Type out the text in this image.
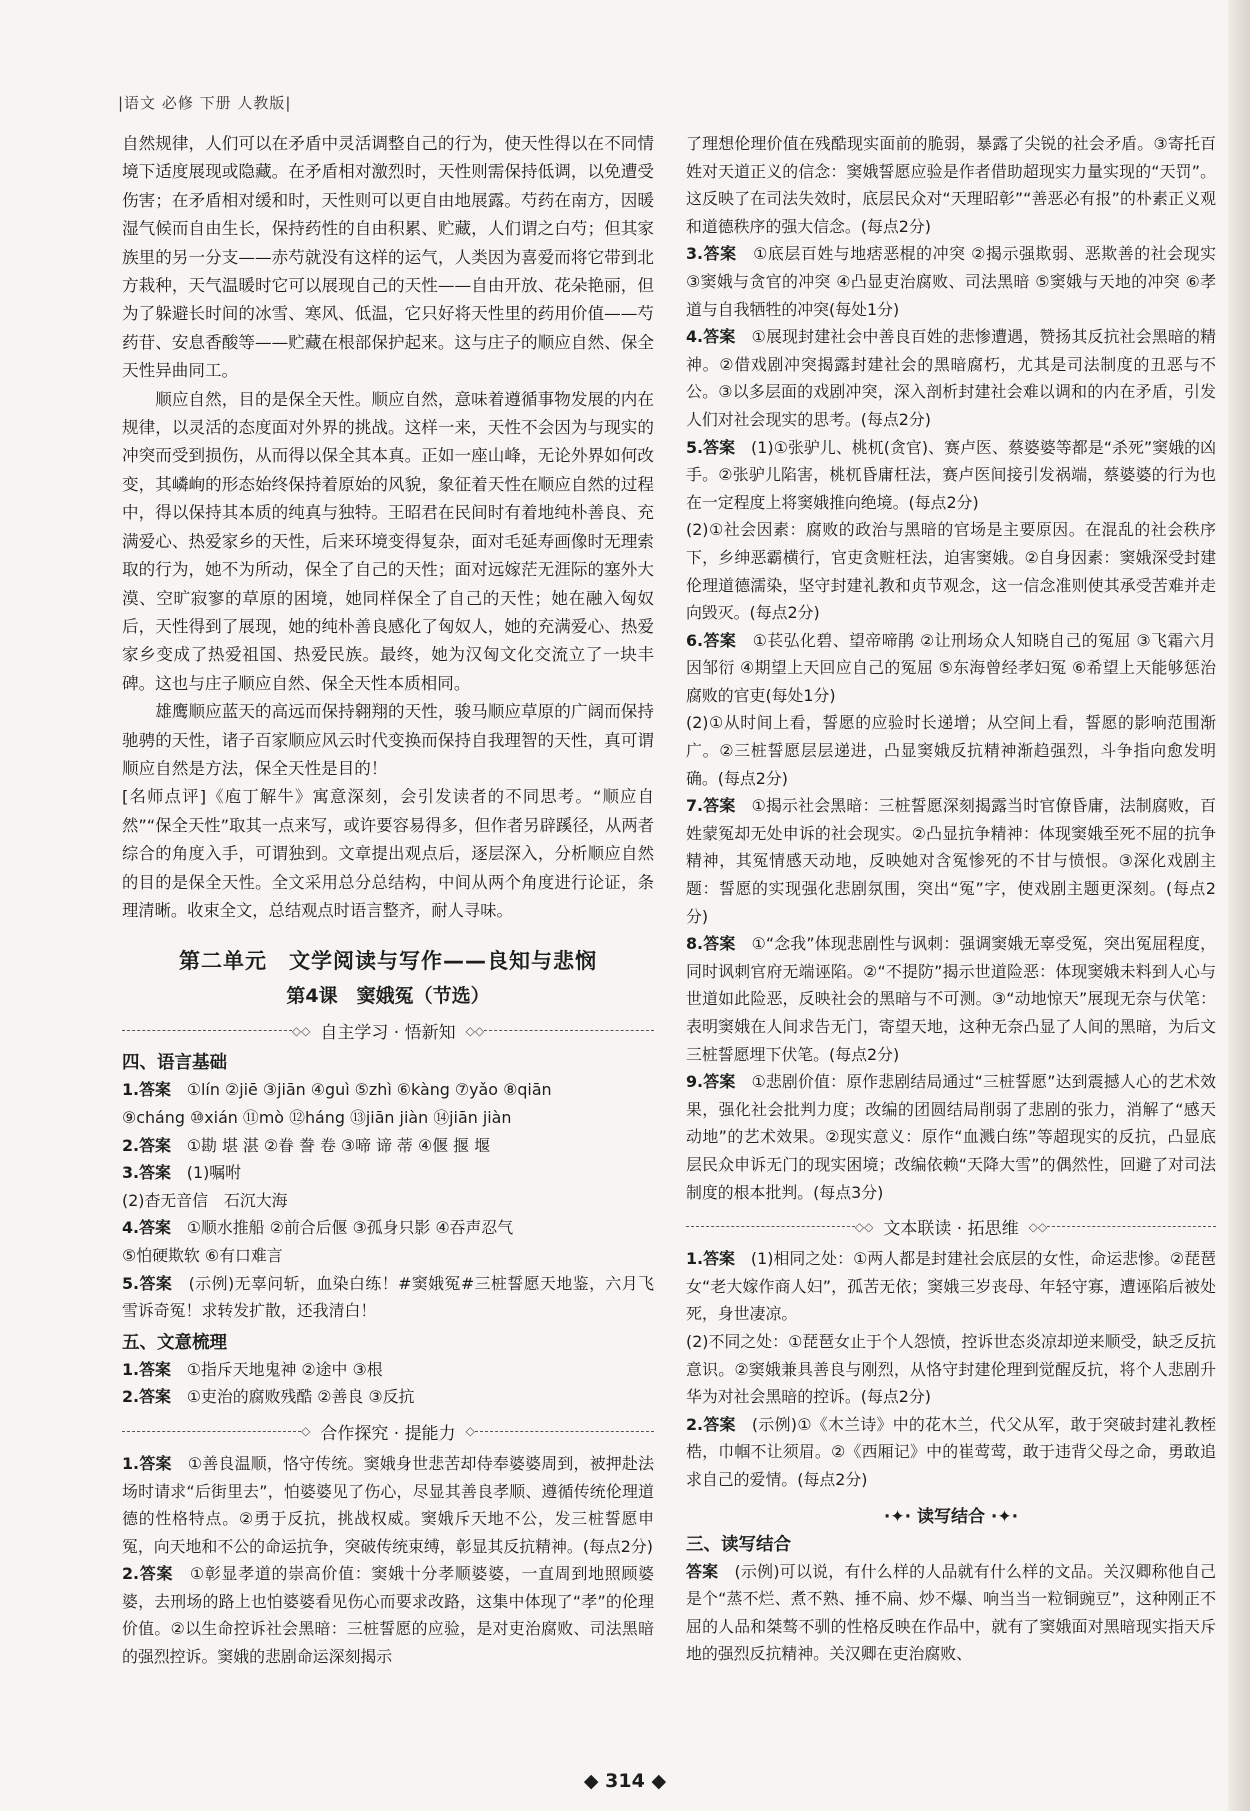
|语文 必修 下册 人教版|

自然规律，人们可以在矛盾中灵活调整自己的行为，使天性得以在不同情境下适度展现或隐藏。在矛盾相对激烈时，天性则需保持低调，以免遭受伤害；在矛盾相对缓和时，天性则可以更自由地展露。芍药在南方，因暖湿气候而自由生长，保持药性的自由积累、贮藏，人们谓之白芍；但其家族里的另一分支——赤芍就没有这样的运气，人类因为喜爱而将它带到北方栽种，天气温暖时它可以展现自己的天性——自由开放、花朵艳丽，但为了躲避长时间的冰雪、寒风、低温，它只好将天性里的药用价值——芍药苷、安息香酸等——贮藏在根部保护起来。这与庄子的顺应自然、保全天性异曲同工。

顺应自然，目的是保全天性。顺应自然，意味着遵循事物发展的内在规律，以灵活的态度面对外界的挑战。这样一来，天性不会因为与现实的冲突而受到损伤，从而得以保全其本真。正如一座山峰，无论外界如何改变，其嶙峋的形态始终保持着原始的风貌，象征着天性在顺应自然的过程中，得以保持其本质的纯真与独特。王昭君在民间时有着地纯朴善良、充满爱心、热爱家乡的天性，后来环境变得复杂，面对毛延寿画像时无理索取的行为，她不为所动，保全了自己的天性；面对远嫁茫无涯际的塞外大漠、空旷寂寥的草原的困境，她同样保全了自己的天性；她在融入匈奴后，天性得到了展现，她的纯朴善良感化了匈奴人，她的充满爱心、热爱家乡变成了热爱祖国、热爱民族。最终，她为汉匈文化交流立了一块丰碑。这也与庄子顺应自然、保全天性本质相同。

雄鹰顺应蓝天的高远而保持翱翔的天性，骏马顺应草原的广阔而保持驰骋的天性，诸子百家顺应风云时代变换而保持自我理智的天性，真可谓顺应自然是方法，保全天性是目的！

[名师点评]《庖丁解牛》寓意深刻，会引发读者的不同思考。“顺应自然”“保全天性”取其一点来写，或许要容易得多，但作者另辟蹊径，从两者综合的角度入手，可谓独到。文章提出观点后，逐层深入，分析顺应自然的目的是保全天性。全文采用总分总结构，中间从两个角度进行论证，条理清晰。收束全文，总结观点时语言整齐，耐人寻味。

第二单元　文学阅读与写作——良知与悲悯
第4课　窦娥冤（节选）
◇◇ 自主学习 · 悟新知 ◇◇
四、语言基础

1.答案　①lín ②jiē ③jiān ④guì ⑤zhì ⑥kàng ⑦yǎo ⑧qiān
⑨cháng ⑩xián ⑪mò ⑫háng ⑬jiān jiàn ⑭jiān jiàn

2.答案　①勘 堪 湛 ②眷 誊 卷 ③啼 谛 蒂 ④偃 揠 堰

3.答案　(1)嘱咐
(2)杳无音信　石沉大海

4.答案　①顺水推船 ②前合后偃 ③孤身只影 ④吞声忍气
⑤怕硬欺软 ⑥有口难言

5.答案　(示例)无辜问斩，血染白练！#窦娥冤#三桩誓愿天地鉴，六月飞雪诉奇冤！求转发扩散，还我清白！

五、文意梳理

1.答案　①指斥天地鬼神 ②途中 ③根

2.答案　①吏治的腐败残酷 ②善良 ③反抗

◇ 合作探究 · 提能力 ◇

1.答案　①善良温顺，恪守传统。窦娥身世悲苦却侍奉婆婆周到，被押赴法场时请求“后街里去”，怕婆婆见了伤心，尽显其善良孝顺、遵循传统伦理道德的性格特点。②勇于反抗，挑战权威。窦娥斥天地不公，发三桩誓愿申冤，向天地和不公的命运抗争，突破传统束缚，彰显其反抗精神。(每点2分)

2.答案　①彰显孝道的崇高价值：窦娥十分孝顺婆婆，一直周到地照顾婆婆，去刑场的路上也怕婆婆看见伤心而要求改路，这集中体现了“孝”的伦理价值。②以生命控诉社会黑暗：三桩誓愿的应验，是对吏治腐败、司法黑暗的强烈控诉。窦娥的悲剧命运深刻揭示

了理想伦理价值在残酷现实面前的脆弱，暴露了尖锐的社会矛盾。③寄托百姓对天道正义的信念：窦娥誓愿应验是作者借助超现实力量实现的“天罚”。这反映了在司法失效时，底层民众对“天理昭彰”“善恶必有报”的朴素正义观和道德秩序的强大信念。(每点2分)

3.答案　①底层百姓与地痞恶棍的冲突 ②揭示强欺弱、恶欺善的社会现实 ③窦娥与贪官的冲突 ④凸显吏治腐败、司法黑暗 ⑤窦娥与天地的冲突 ⑥孝道与自我牺牲的冲突(每处1分)

4.答案　①展现封建社会中善良百姓的悲惨遭遇，赞扬其反抗社会黑暗的精神。②借戏剧冲突揭露封建社会的黑暗腐朽，尤其是司法制度的丑恶与不公。③以多层面的戏剧冲突，深入剖析封建社会难以调和的内在矛盾，引发人们对社会现实的思考。(每点2分)

5.答案　(1)①张驴儿、桃杌(贪官)、赛卢医、蔡婆婆等都是“杀死”窦娥的凶手。②张驴儿陷害，桃杌昏庸枉法，赛卢医间接引发祸端，蔡婆婆的行为也在一定程度上将窦娥推向绝境。(每点2分)
(2)①社会因素：腐败的政治与黑暗的官场是主要原因。在混乱的社会秩序下，乡绅恶霸横行，官吏贪赃枉法，迫害窦娥。②自身因素：窦娥深受封建伦理道德濡染，坚守封建礼教和贞节观念，这一信念准则使其承受苦难并走向毁灭。(每点2分)

6.答案　①苌弘化碧、望帝啼鹃 ②让刑场众人知晓自己的冤屈 ③飞霜六月因邹衍 ④期望上天回应自己的冤屈 ⑤东海曾经孝妇冤 ⑥希望上天能够惩治腐败的官吏(每处1分)
(2)①从时间上看，誓愿的应验时长递增；从空间上看，誓愿的影响范围渐广。②三桩誓愿层层递进，凸显窦娥反抗精神渐趋强烈，斗争指向愈发明确。(每点2分)

7.答案　①揭示社会黑暗：三桩誓愿深刻揭露当时官僚昏庸，法制腐败，百姓蒙冤却无处申诉的社会现实。②凸显抗争精神：体现窦娥至死不屈的抗争精神，其冤情感天动地，反映她对含冤惨死的不甘与愤恨。③深化戏剧主题：誓愿的实现强化悲剧氛围，突出“冤”字，使戏剧主题更深刻。(每点2分)

8.答案　①“念我”体现悲剧性与讽刺：强调窦娥无辜受冤，突出冤屈程度，同时讽刺官府无端诬陷。②“不提防”揭示世道险恶：体现窦娥未料到人心与世道如此险恶，反映社会的黑暗与不可测。③“动地惊天”展现无奈与伏笔：表明窦娥在人间求告无门，寄望天地，这种无奈凸显了人间的黑暗，为后文三桩誓愿埋下伏笔。(每点2分)

9.答案　①悲剧价值：原作悲剧结局通过“三桩誓愿”达到震撼人心的艺术效果，强化社会批判力度；改编的团圆结局削弱了悲剧的张力，消解了“感天动地”的艺术效果。②现实意义：原作“血溅白练”等超现实的反抗，凸显底层民众申诉无门的现实困境；改编依赖“天降大雪”的偶然性，回避了对司法制度的根本批判。(每点3分)

◇◇ 文本联读 · 拓思维 ◇◇

1.答案　(1)相同之处：①两人都是封建社会底层的女性，命运悲惨。②琵琶女“老大嫁作商人妇”，孤苦无依；窦娥三岁丧母、年轻守寡，遭诬陷后被处死，身世凄凉。
(2)不同之处：①琵琶女止于个人怨愤，控诉世态炎凉却逆来顺受，缺乏反抗意识。②窦娥兼具善良与刚烈，从恪守封建伦理到觉醒反抗，将个人悲剧升华为对社会黑暗的控诉。(每点2分)

2.答案　(示例)①《木兰诗》中的花木兰，代父从军，敢于突破封建礼教桎梏，巾帼不让须眉。②《西厢记》中的崔莺莺，敢于违背父母之命，勇敢追求自己的爱情。(每点2分)

·✦· 读写结合 ·✦·
三、读写结合

答案　 (示例)可以说，有什么样的人品就有什么样的文品。关汉卿称他自己是个“蒸不烂、煮不熟、捶不扁、炒不爆、响当当一粒铜豌豆”，这种刚正不屈的人品和桀骜不驯的性格反映在作品中，就有了窦娥面对黑暗现实指天斥地的强烈反抗精神。关汉卿在吏治腐败、

◆ 314 ◆
